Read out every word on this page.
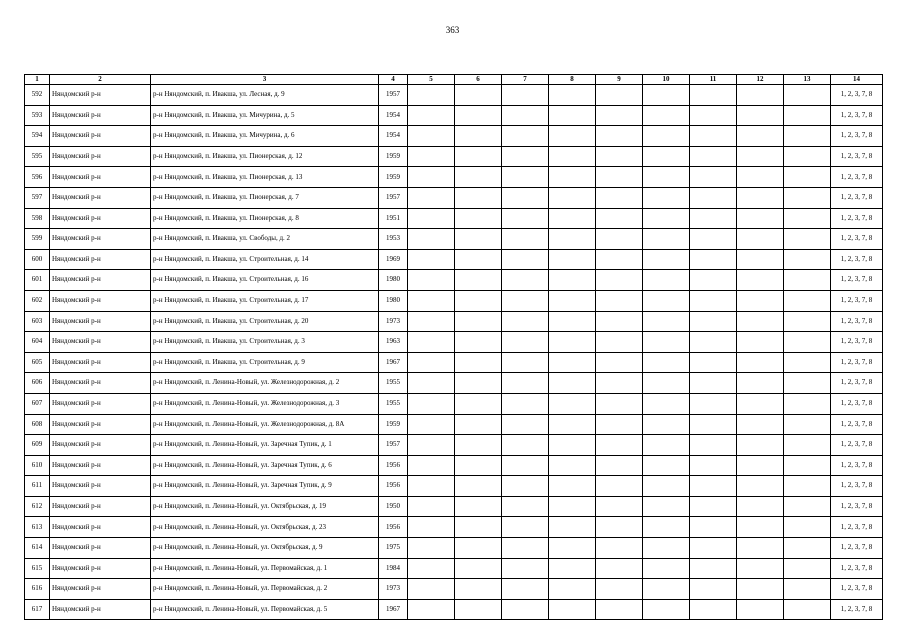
363
1	2	3	4	5	6	7	8	9	10	11	12	13	14
592	Няндомский р-н	р-н Няндомский, п. Ивакша, ул. Лесная, д. 9	1957										1, 2, 3, 7, 8
593	Няндомский р-н	р-н Няндомский, п. Ивакша, ул. Мичурина, д. 5	1954										1, 2, 3, 7, 8
594	Няндомский р-н	р-н Няндомский, п. Ивакша, ул. Мичурина, д. 6	1954										1, 2, 3, 7, 8
595	Няндомский р-н	р-н Няндомский, п. Ивакша, ул. Пионерская, д. 12	1959										1, 2, 3, 7, 8
596	Няндомский р-н	р-н Няндомский, п. Ивакша, ул. Пионерская, д. 13	1959										1, 2, 3, 7, 8
597	Няндомский р-н	р-н Няндомский, п. Ивакша, ул. Пионерская, д. 7	1957										1, 2, 3, 7, 8
598	Няндомский р-н	р-н Няндомский, п. Ивакша, ул. Пионерская, д. 8	1951										1, 2, 3, 7, 8
599	Няндомский р-н	р-н Няндомский, п. Ивакша, ул. Свободы, д. 2	1953										1, 2, 3, 7, 8
600	Няндомский р-н	р-н Няндомский, п. Ивакша, ул. Строительная, д. 14	1969										1, 2, 3, 7, 8
601	Няндомский р-н	р-н Няндомский, п. Ивакша, ул. Строительная, д. 16	1980										1, 2, 3, 7, 8
602	Няндомский р-н	р-н Няндомский, п. Ивакша, ул. Строительная, д. 17	1980										1, 2, 3, 7, 8
603	Няндомский р-н	р-н Няндомский, п. Ивакша, ул. Строительная, д. 20	1973										1, 2, 3, 7, 8
604	Няндомский р-н	р-н Няндомский, п. Ивакша, ул. Строительная, д. 3	1963										1, 2, 3, 7, 8
605	Няндомский р-н	р-н Няндомский, п. Ивакша, ул. Строительная, д. 9	1967										1, 2, 3, 7, 8
606	Няндомский р-н	р-н Няндомский, п. Ленина-Новый, ул. Железнодорожная, д. 2	1955										1, 2, 3, 7, 8
607	Няндомский р-н	р-н Няндомский, п. Ленина-Новый, ул. Железнодорожная, д. 3	1955										1, 2, 3, 7, 8
608	Няндомский р-н	р-н Няндомский, п. Ленина-Новый, ул. Железнодорожная, д. 8А	1959										1, 2, 3, 7, 8
609	Няндомский р-н	р-н Няндомский, п. Ленина-Новый, ул. Заречная Тупик, д. 1	1957										1, 2, 3, 7, 8
610	Няндомский р-н	р-н Няндомский, п. Ленина-Новый, ул. Заречная Тупик, д. 6	1956										1, 2, 3, 7, 8
611	Няндомский р-н	р-н Няндомский, п. Ленина-Новый, ул. Заречная Тупик, д. 9	1956										1, 2, 3, 7, 8
612	Няндомский р-н	р-н Няндомский, п. Ленина-Новый, ул. Октябрьская, д. 19	1950										1, 2, 3, 7, 8
613	Няндомский р-н	р-н Няндомский, п. Ленина-Новый, ул. Октябрьская, д. 23	1956										1, 2, 3, 7, 8
614	Няндомский р-н	р-н Няндомский, п. Ленина-Новый, ул. Октябрьская, д. 9	1975										1, 2, 3, 7, 8
615	Няндомский р-н	р-н Няндомский, п. Ленина-Новый, ул. Первомайская, д. 1	1984										1, 2, 3, 7, 8
616	Няндомский р-н	р-н Няндомский, п. Ленина-Новый, ул. Первомайская, д. 2	1973										1, 2, 3, 7, 8
617	Няндомский р-н	р-н Няндомский, п. Ленина-Новый, ул. Первомайская, д. 5	1967										1, 2, 3, 7, 8
